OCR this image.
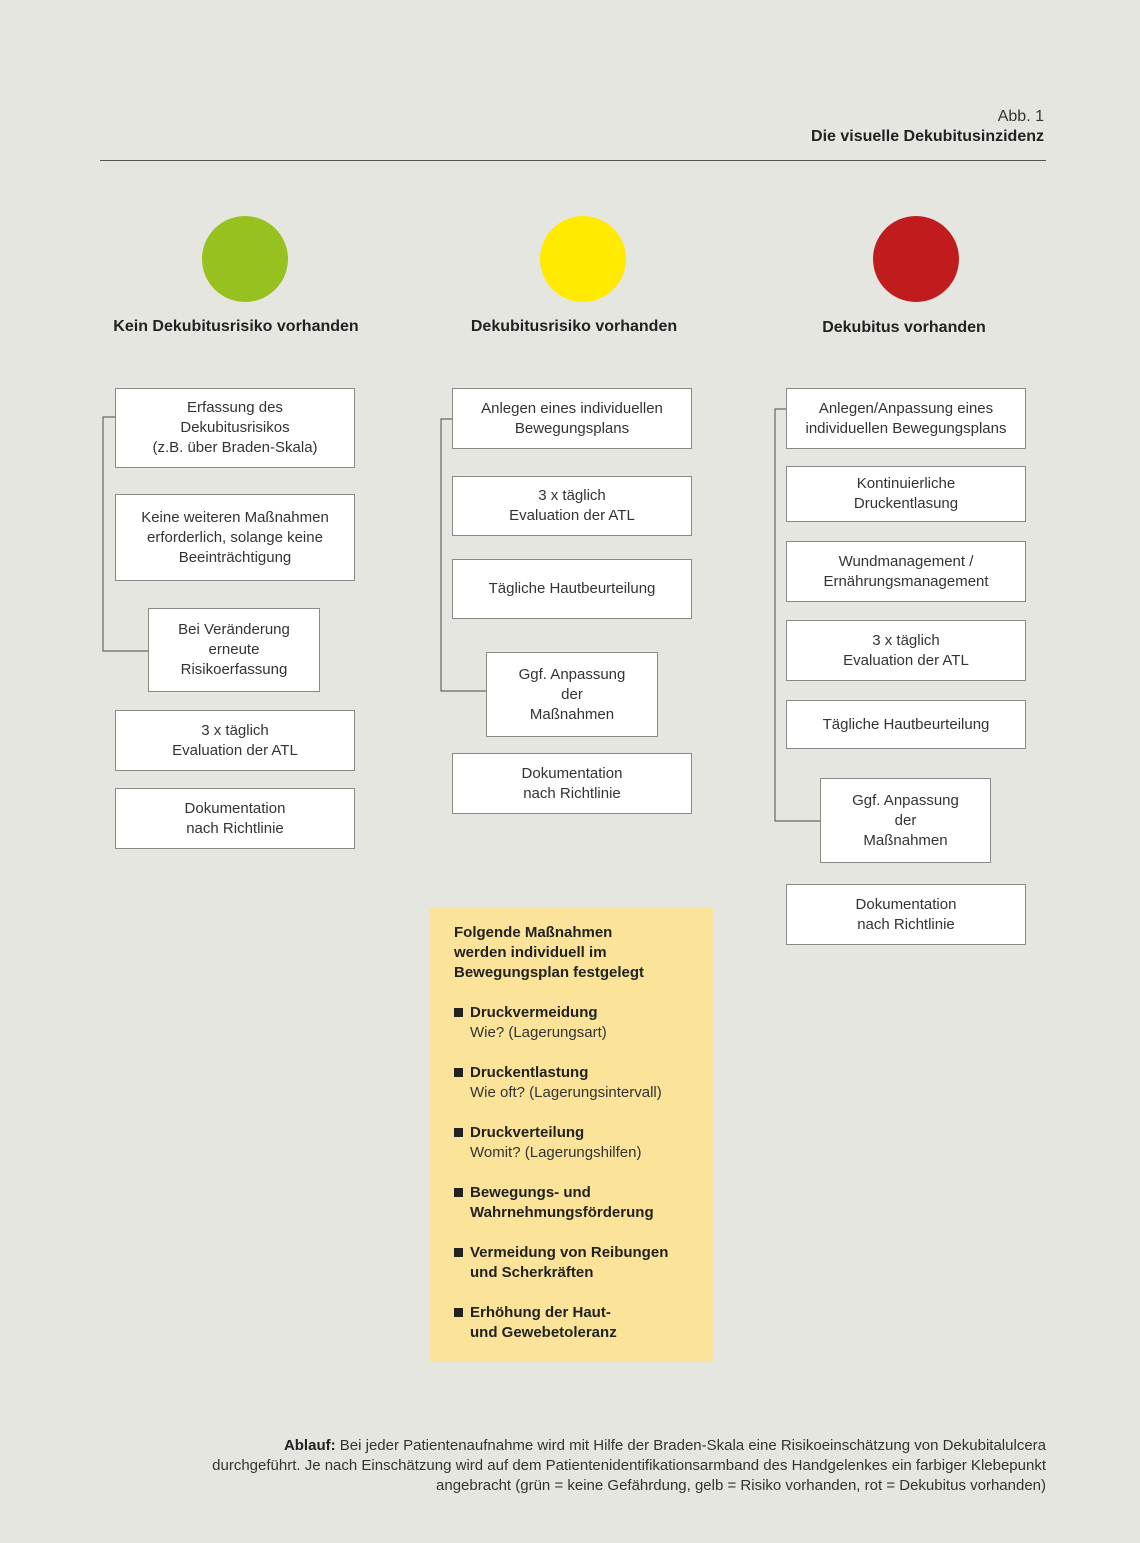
Abb. 1
Die visuelle Dekubitusinzidenz
Kein Dekubitusrisiko vorhanden
Erfassung des
Dekubitusrisikos
(z.B. über Braden-Skala)
Keine weiteren Maßnahmen
erforderlich, solange keine
Beeinträchtigung
Bei Veränderung
erneute
Risikoerfassung
3 x täglich
Evaluation der ATL
Dokumentation
nach Richtlinie
Dekubitusrisiko vorhanden
Anlegen eines individuellen
Bewegungsplans
3 x täglich
Evaluation der ATL
Tägliche Hautbeurteilung
Ggf. Anpassung
der
Maßnahmen
Dokumentation
nach Richtlinie
Dekubitus vorhanden
Anlegen/Anpassung eines
individuellen Bewegungsplans
Kontinuierliche
Druckentlasung
Wundmanagement /
Ernährungsmanagement
3 x täglich
Evaluation der ATL
Tägliche Hautbeurteilung
Ggf. Anpassung
der
Maßnahmen
Dokumentation
nach Richtlinie
Folgende Maßnahmen
werden individuell im
Bewegungsplan festgelegt
Druckvermeidung
Wie? (Lagerungsart)
Druckentlastung
Wie oft? (Lagerungsintervall)
Druckverteilung
Womit? (Lagerungshilfen)
Bewegungs- und
Wahrnehmungsförderung
Vermeidung von Reibungen
und Scherkräften
Erhöhung der Haut-
und Gewebetoleranz
Ablauf: Bei jeder Patientenaufnahme wird mit Hilfe der Braden-Skala eine Risikoeinschätzung von Dekubitalulcera durchgeführt. Je nach Einschätzung wird auf dem Patientenidentifikationsarmband des Handgelenkes ein farbiger Klebepunkt angebracht (grün = keine Gefährdung, gelb = Risiko vorhanden, rot = Dekubitus vorhanden)
